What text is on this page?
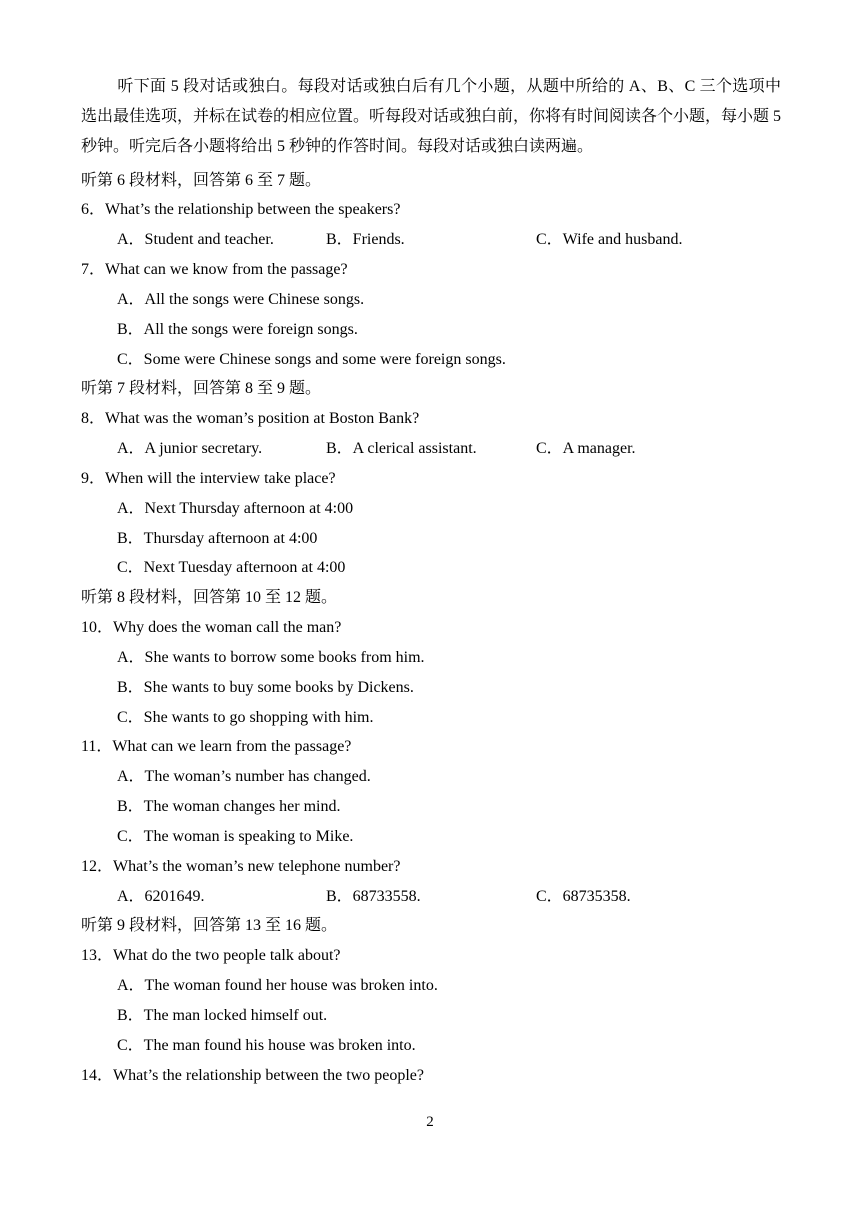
听下面 5 段对话或独白。每段对话或独白后有几个小题，从题中所给的 A、B、C 三个选项中选出最佳选项，并标在试卷的相应位置。听每段对话或独白前，你将有时间阅读各个小题，每小题 5 秒钟。听完后各小题将给出 5 秒钟的作答时间。每段对话或独白读两遍。
听第 6 段材料，回答第 6 至 7 题。
6．What’s the relationship between the speakers?
A．Student and teacher.	B．Friends.	C．Wife and husband.
7．What can we know from the passage?
A．All the songs were Chinese songs.
B．All the songs were foreign songs.
C．Some were Chinese songs and some were foreign songs.
听第 7 段材料，回答第 8 至 9 题。
8．What was the woman’s position at Boston Bank?
A．A junior secretary.	B．A clerical assistant.	C．A manager.
9．When will the interview take place?
A．Next Thursday afternoon at 4:00
B．Thursday afternoon at 4:00
C．Next Tuesday afternoon at 4:00
听第 8 段材料，回答第 10 至 12 题。
10．Why does the woman call the man?
A．She wants to borrow some books from him.
B．She wants to buy some books by Dickens.
C．She wants to go shopping with him.
11．What can we learn from the passage?
A．The woman’s number has changed.
B．The woman changes her mind.
C．The woman is speaking to Mike.
12．What’s the woman’s new telephone number?
A．6201649.	B．68733558.	C．68735358.
听第 9 段材料，回答第 13 至 16 题。
13．What do the two people talk about?
A．The woman found her house was broken into.
B．The man locked himself out.
C．The man found his house was broken into.
14．What’s the relationship between the two people?
2
